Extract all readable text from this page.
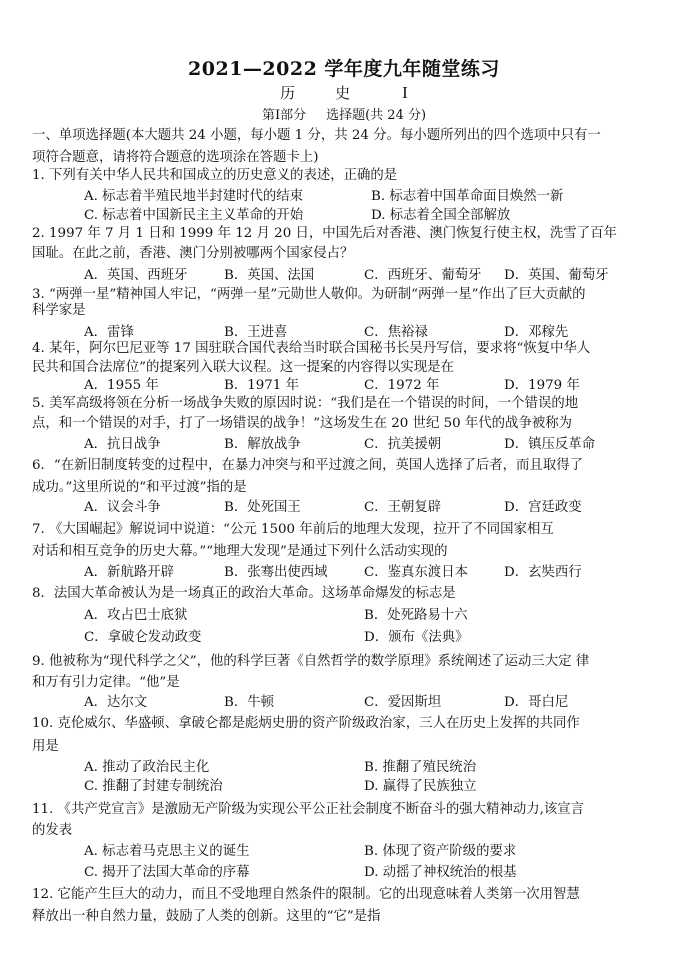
2021—2022 学年度九年随堂练习
历	史	I
第Ⅰ部分 选择题(共 24 分)
一、单项选择题(本大题共 24 小题，每小题 1 分，共 24 分。每小题所列出的四个选项中只有一
项符合题意，请将符合题意的选项涂在答题卡上)
1. 下列有关中华人民共和国成立的历史意义的表述，正确的是
A. 标志着半殖民地半封建时代的结束	B. 标志着中国革命面目焕然一新
C. 标志着中国新民主主义革命的开始	D. 标志着全国全部解放
2. 1997 年 7 月 1 日和 1999 年 12 月 20 日，中国先后对香港、澳门恢复行使主权，洗雪了百年
国耻。在此之前，香港、澳门分别被哪两个国家侵占？
A．英国、西班牙	B．英国、法国	C．西班牙、葡萄牙 D．英国、葡萄牙
3. “两弹一星”精神国人牢记，“两弹一星”元勋世人敬仰。为研制“两弹一星”作出了巨大贡献的
科学家是
A．雷锋	B．王进喜	C．焦裕禄	D．邓稼先
4. 某年，阿尔巴尼亚等 17 国驻联合国代表给当时联合国秘书长吴丹写信，要求将“恢复中华人
民共和国合法席位”的提案列入联大议程。这一提案的内容得以实现是在
A．1955 年	B．1971 年	C．1972 年	D．1979 年
5. 美军高级将领在分析一场战争失败的原因时说：“我们是在一个错误的时间，一个错误的地
点，和一个错误的对手，打了一场错误的战争！”这场发生在 20 世纪 50 年代的战争被称为
A．抗日战争	B．解放战争	C．抗美援朝	D．镇压反革命
6．“在新旧制度转变的过程中，在暴力冲突与和平过渡之间，英国人选择了后者，而且取得了
成功。”这里所说的“和平过渡”指的是
A．议会斗争	B．处死国王	C．王朝复辟	D．宫廷政变
7. 《大国崛起》解说词中说道：“公元 1500 年前后的地理大发现，拉开了不同国家相互
对话和相互竞争的历史大幕。”“地理大发现”是通过下列什么活动实现的
A．新航路开辟	B．张骞出使西域	C．鉴真东渡日本	D．玄奘西行
8．法国大革命被认为是一场真正的政治大革命。这场革命爆发的标志是
A．攻占巴士底狱	B．处死路易十六
C．拿破仑发动政变	D．颁布《法典》
9. 他被称为“现代科学之父”，他的科学巨著《自然哲学的数学原理》系统阐述了运动三大定 律
和万有引力定律。“他”是
A．达尔文	B．牛顿	C．爱因斯坦	D．哥白尼
10. 克伦威尔、华盛顿、拿破仑都是彪炳史册的资产阶级政治家，三人在历史上发挥的共同作
用是
A. 推动了政治民主化	B. 推翻了殖民统治
C. 推翻了封建专制统治	D. 赢得了民族独立
11. 《共产党宣言》是激励无产阶级为实现公平公正社会制度不断奋斗的强大精神动力,该宣言
的发表
A. 标志着马克思主义的诞生	B. 体现了资产阶级的要求
C. 揭开了法国大革命的序幕	D. 动摇了神权统治的根基
12. 它能产生巨大的动力，而且不受地理自然条件的限制。它的出现意味着人类第一次用智慧
释放出一种自然力量，鼓励了人类的创新。这里的“它”是指
